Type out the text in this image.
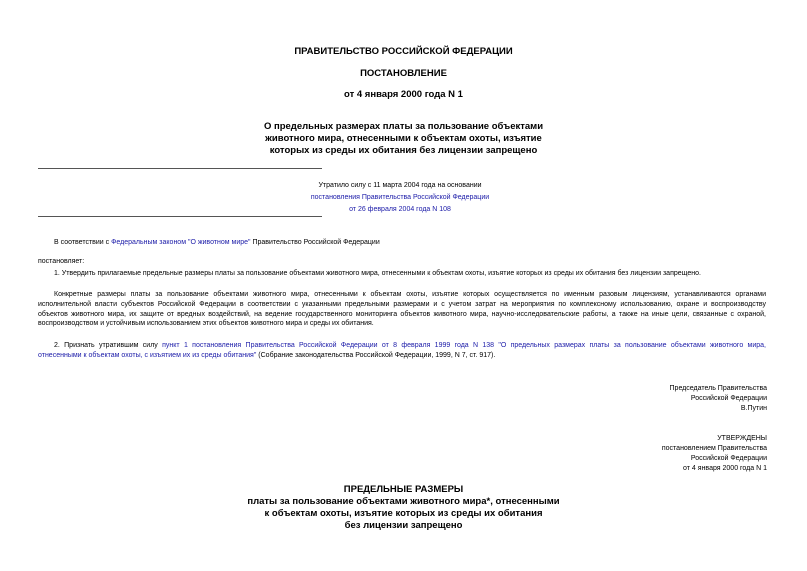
ПРАВИТЕЛЬСТВО РОССИЙСКОЙ ФЕДЕРАЦИИ
ПОСТАНОВЛЕНИЕ
от 4 января 2000 года N 1
О предельных размерах платы за пользование объектами
животного мира, отнесенными к объектам охоты, изъятие
которых из среды их обитания без лицензии запрещено
Утратило силу с 11 марта 2004 года на основании
постановления Правительства Российской Федерации
от 26 февраля 2004 года N 108
В соответствии с Федеральным законом "О животном мире" Правительство Российской Федерации
постановляет:
1. Утвердить прилагаемые предельные размеры платы за пользование объектами животного мира, отнесенными к объектам охоты, изъятие которых из среды их обитания без лицензии запрещено.
Конкретные размеры платы за пользование объектами животного мира, отнесенными к объектам охоты, изъятие которых осуществляется по именным разовым лицензиям, устанавливаются органами
исполнительной власти субъектов Российской Федерации в соответствии с указанными предельными размерами и с учетом затрат на мероприятия по комплексному использованию, охране и воспроизводству
объектов животного мира, их защите от вредных воздействий, на ведение государственного мониторинга объектов животного мира, научно-исследовательские работы, а также на иные цели, связанные с охраной,
воспроизводством и устойчивым использованием этих объектов животного мира и среды их обитания.
2. Признать утратившим силу пункт 1 постановления Правительства Российской Федерации от 8 февраля 1999 года N 138 "О предельных размерах платы за пользование объектами животного мира,
отнесенными к объектам охоты, с изъятием их из среды обитания" (Собрание законодательства Российской Федерации, 1999, N 7, ст. 917).
Председатель Правительства
Российской Федерации
В.Путин
УТВЕРЖДЕНЫ
постановлением Правительства
Российской Федерации
от 4 января 2000 года N 1
ПРЕДЕЛЬНЫЕ РАЗМЕРЫ
платы за пользование объектами животного мира*, отнесенными
к объектам охоты, изъятие которых из среды их обитания
без лицензии запрещено
